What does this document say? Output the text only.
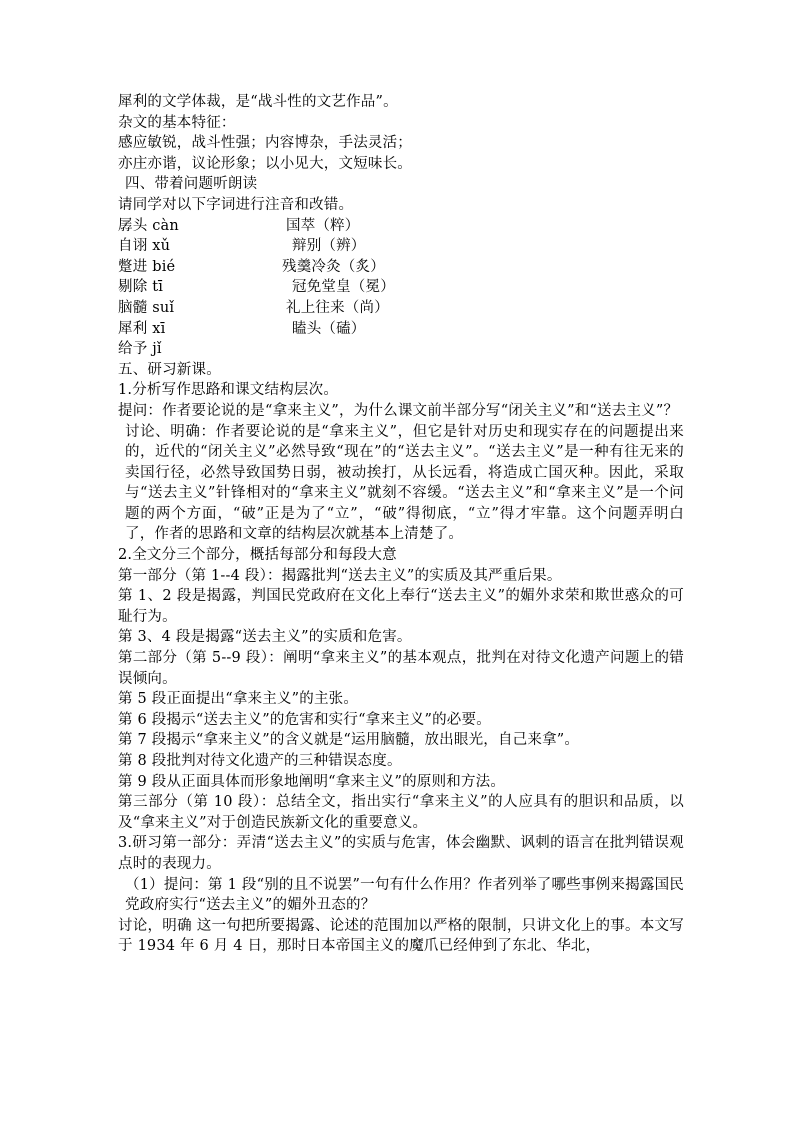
犀利的文学体裁，是“战斗性的文艺作品”。
杂文的基本特征：
感应敏锐，战斗性强；内容博杂，手法灵活；
亦庄亦谐，议论形象；以小见大，文短味长。
四、带着问题听朗读
请同学对以下字词进行注音和改错。
孱头 càn	国萃（粹）
自诩 xǔ	辩别（辨）
蹩进 bié	残羹冷灸（炙）
剔除 tī	冠免堂皇（冕）
脑髓 suǐ	礼上往来（尚）
犀利 xī	瞌头（磕）
给予 jǐ
五、研习新课。
1.分析写作思路和课文结构层次。
提问：作者要论说的是“拿来主义”，为什么课文前半部分写“闭关主义”和“送去主义”？
讨论、明确：作者要论说的是“拿来主义”，但它是针对历史和现实存在的问题提出来的，近代的“闭关主义”必然导致“现在”的“送去主义”。“送去主义”是一种有往无来的卖国行径，必然导致国势日弱，被动挨打，从长远看，将造成亡国灭种。因此，采取与“送去主义”针锋相对的“拿来主义”就刻不容缓。“送去主义”和“拿来主义”是一个问题的两个方面，“破”正是为了“立”，“破”得彻底，“立”得才牢靠。这个问题弄明白了，作者的思路和文章的结构层次就基本上清楚了。
2.全文分三个部分，概括每部分和每段大意
第一部分（第 1--4 段）：揭露批判“送去主义”的实质及其严重后果。
第 1、2 段是揭露，判国民党政府在文化上奉行“送去主义”的媚外求荣和欺世惑众的可耻行为。
第 3、4 段是揭露“送去主义”的实质和危害。
第二部分（第 5--9 段）：阐明“拿来主义”的基本观点，批判在对待文化遗产问题上的错误倾向。
第 5 段正面提出“拿来主义”的主张。
第 6 段揭示“送去主义”的危害和实行“拿来主义”的必要。
第 7 段揭示“拿来主义”的含义就是“运用脑髓，放出眼光，自己来拿”。
第 8 段批判对待文化遗产的三种错误态度。
第 9 段从正面具体而形象地阐明“拿来主义”的原则和方法。
第三部分（第 10 段）：总结全文，指出实行“拿来主义”的人应具有的胆识和品质，以及“拿来主义”对于创造民族新文化的重要意义。
3.研习第一部分：弄清“送去主义”的实质与危害，体会幽默、讽刺的语言在批判错误观点时的表现力。
（1）提问：第 1 段“别的且不说罢”一句有什么作用？作者列举了哪些事例来揭露国民党政府实行“送去主义”的媚外丑态的？
讨论，明确 这一句把所要揭露、论述的范围加以严格的限制，只讲文化上的事。本文写于 1934 年 6 月 4 日，那时日本帝国主义的魔爪已经伸到了东北、华北，
